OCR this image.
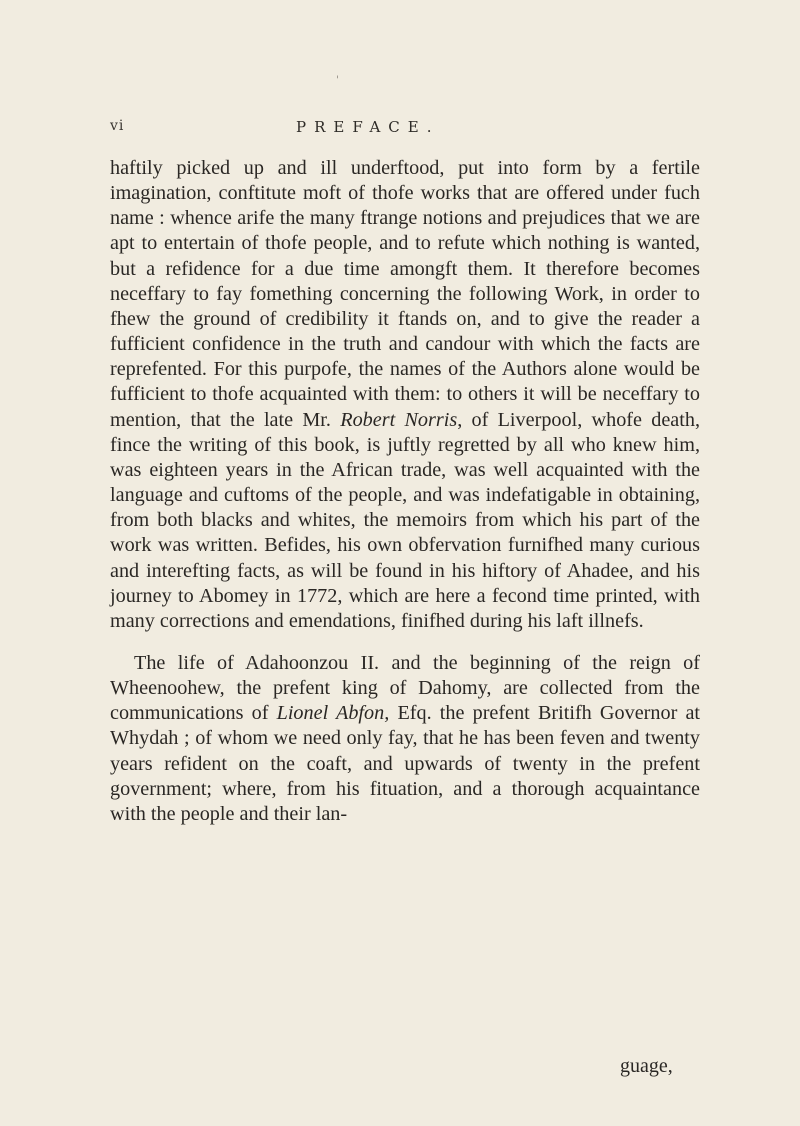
'
vi	PREFACE.

haftily picked up and ill underftood, put into form by a fertile imagination, conftitute moft of thofe works that are offered under fuch name : whence arife the many ftrange notions and prejudices that we are apt to entertain of thofe people, and to refute which nothing is wanted, but a refidence for a due time amongft them. It therefore becomes neceffary to fay fomething concerning the following Work, in order to fhew the ground of credibility it ftands on, and to give the reader a fufficient confidence in the truth and candour with which the facts are reprefented. For this purpofe, the names of the Authors alone would be fufficient to thofe acquainted with them: to others it will be neceffary to mention, that the late Mr. Robert Norris, of Liverpool, whofe death, fince the writing of this book, is juftly regretted by all who knew him, was eighteen years in the African trade, was well acquainted with the language and cuftoms of the people, and was indefatigable in obtaining, from both blacks and whites, the memoirs from which his part of the work was written. Befides, his own obfervation furnifhed many curious and interefting facts, as will be found in his hiftory of Ahadee, and his journey to Abomey in 1772, which are here a fecond time printed, with many corrections and emendations, finifhed during his laft illnefs.

The life of Adahoonzou II. and the beginning of the reign of Wheenoohew, the prefent king of Dahomy, are collected from the communications of Lionel Abfon, Efq. the prefent Britifh Governor at Whydah ; of whom we need only fay, that he has been feven and twenty years refident on the coaft, and upwards of twenty in the prefent government; where, from his fituation, and a thorough acquaintance with the people and their lan-

guage,
